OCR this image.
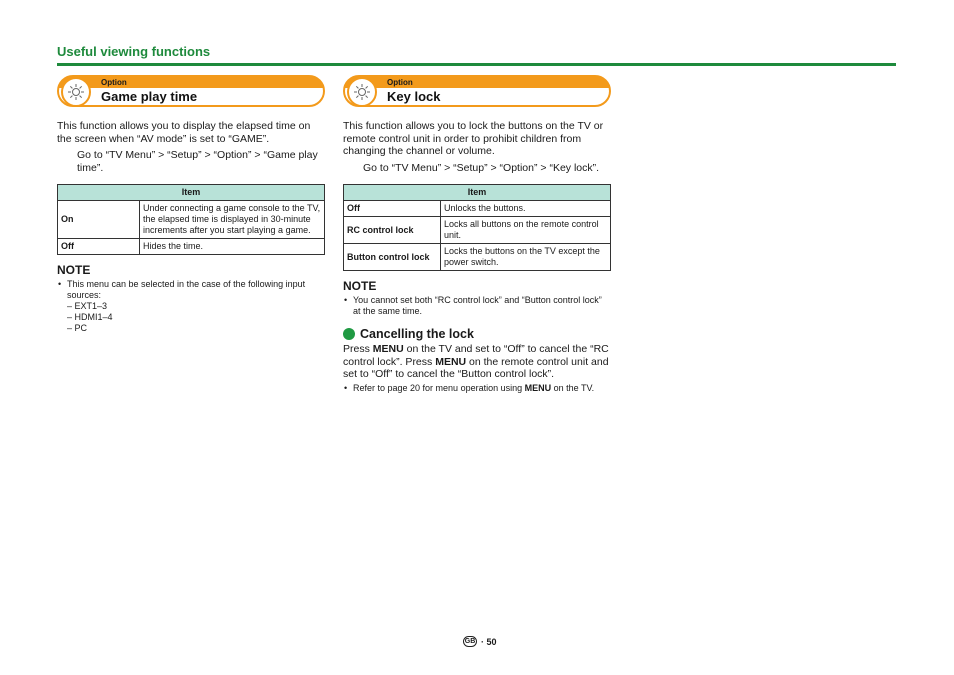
Useful viewing functions
Option
Game play time

This function allows you to display the elapsed time on the screen when “AV mode” is set to “GAME”.

Go to “TV Menu” > “Setup” > “Option” > “Game play time”.

Item	
On	Under connecting a game console to the TV, the elapsed time is displayed in 30-minute increments after you start playing a game.
Off	Hides the time.
NOTE
• This menu can be selected in the case of the following input sources:
– EXT1–3
– HDMI1–4
– PC
Option
Key lock

This function allows you to lock the buttons on the TV or remote control unit in order to prohibit children from changing the channel or volume.

Go to “TV Menu” > “Setup” > “Option” > “Key lock”.

Item	
Off	Unlocks the buttons.
RC control lock	Locks all buttons on the remote control unit.
Button control lock	Locks the buttons on the TV except the power switch.
NOTE
• You cannot set both “RC control lock” and “Button control lock” at the same time.
Cancelling the lock

Press MENU on the TV and set to “Off” to cancel the “RC control lock”. Press MENU on the remote control unit and set to “Off” to cancel the “Button control lock”.

• Refer to page 20 for menu operation using MENU on the TV.
GB · 50
